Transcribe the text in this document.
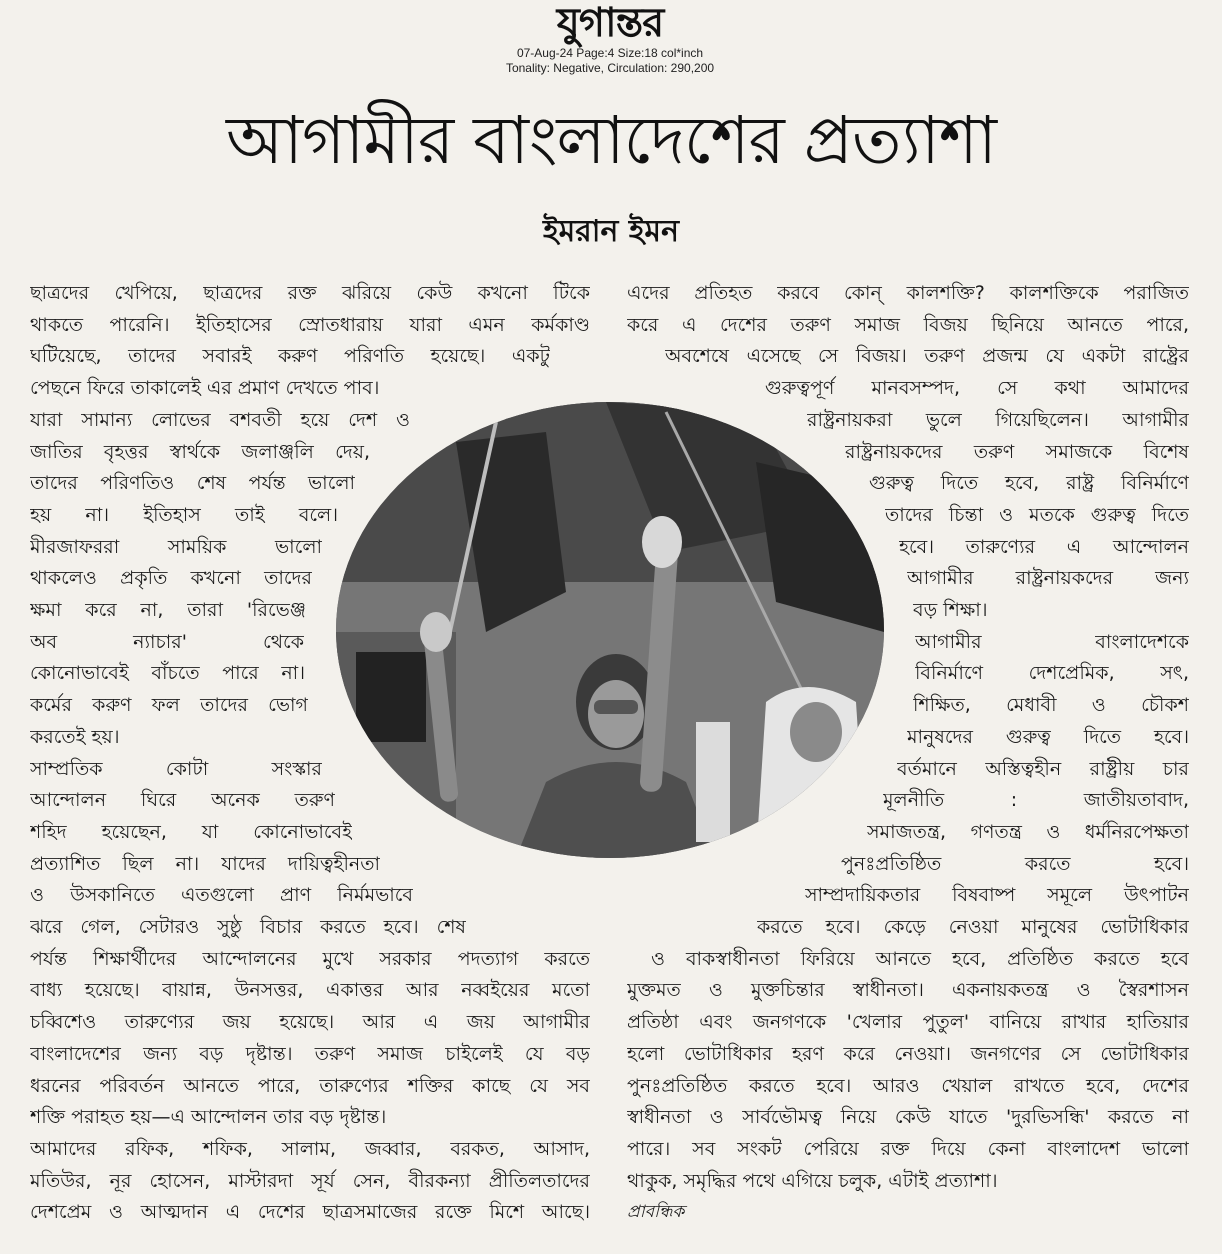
যুগান্তর
07-Aug-24 Page:4 Size:18 col*inch
Tonality: Negative, Circulation: 290,200
আগামীর বাংলাদেশের প্রত্যাশা
ইমরান ইমন
ছাত্রদের খেপিয়ে, ছাত্রদের রক্ত ঝরিয়ে কেউ কখনো টিকে
থাকতে পারেনি। ইতিহাসের স্রোতধারায় যারা এমন কর্মকাণ্ড
ঘটিয়েছে, তাদের সবারই করুণ পরিণতি হয়েছে। একটু
পেছনে ফিরে তাকালেই এর প্রমাণ দেখতে পাব।
যারা সামান্য লোভের বশবতী হয়ে দেশ ও
জাতির বৃহত্তর স্বার্থকে জলাঞ্জলি দেয়,
তাদের পরিণতিও শেষ পর্যন্ত ভালো
হয় না। ইতিহাস তাই বলে।
মীরজাফররা সাময়িক ভালো
থাকলেও প্রকৃতি কখনো তাদের
ক্ষমা করে না, তারা 'রিভেঞ্জ
অব ন্যাচার' থেকে
কোনোভাবেই বাঁচতে পারে না।
কর্মের করুণ ফল তাদের ভোগ
করতেই হয়।
সাম্প্রতিক কোটা সংস্কার
আন্দোলন ঘিরে অনেক তরুণ
শহিদ হয়েছেন, যা কোনোভাবেই
প্রত্যাশিত ছিল না। যাদের দায়িত্বহীনতা
ও উসকানিতে এতগুলো প্রাণ নির্মমভাবে
ঝরে গেল, সেটারও সুষ্ঠু বিচার করতে হবে। শেষ
পর্যন্ত শিক্ষার্থীদের আন্দোলনের মুখে সরকার পদত্যাগ করতে
বাধ্য হয়েছে। বায়ান্ন, উনসত্তর, একাত্তর আর নব্বইয়ের মতো
চব্বিশেও তারুণ্যের জয় হয়েছে। আর এ জয় আগামীর
বাংলাদেশের জন্য বড় দৃষ্টান্ত। তরুণ সমাজ চাইলেই যে বড়
ধরনের পরিবর্তন আনতে পারে, তারুণ্যের শক্তির কাছে যে সব
শক্তি পরাহত হয়—এ আন্দোলন তার বড় দৃষ্টান্ত।
আমাদের রফিক, শফিক, সালাম, জব্বার, বরকত, আসাদ,
মতিউর, নূর হোসেন, মাস্টারদা সূর্য সেন, বীরকন্যা প্রীতিলতাদের
দেশপ্রেম ও আত্মদান এ দেশের ছাত্রসমাজের রক্তে মিশে আছে।
এদের প্রতিহত করবে কোন্ কালশক্তি? কালশক্তিকে পরাজিত
করে এ দেশের তরুণ সমাজ বিজয় ছিনিয়ে আনতে পারে,
অবশেষে এসেছে সে বিজয়। তরুণ প্রজন্ম যে একটা রাষ্ট্রের
গুরুত্বপূর্ণ মানবসম্পদ, সে কথা আমাদের
রাষ্ট্রনায়করা ভুলে গিয়েছিলেন। আগামীর
রাষ্ট্রনায়কদের তরুণ সমাজকে বিশেষ
গুরুত্ব দিতে হবে, রাষ্ট্র বিনির্মাণে
তাদের চিন্তা ও মতকে গুরুত্ব দিতে
হবে। তারুণ্যের এ আন্দোলন
আগামীর রাষ্ট্রনায়কদের জন্য
বড় শিক্ষা।
আগামীর বাংলাদেশকে
বিনির্মাণে দেশপ্রেমিক, সৎ,
শিক্ষিত, মেধাবী ও চৌকশ
মানুষদের গুরুত্ব দিতে হবে।
বর্তমানে অস্তিত্বহীন রাষ্ট্রীয় চার
মূলনীতি : জাতীয়তাবাদ,
সমাজতন্ত্র, গণতন্ত্র ও ধর্মনিরপেক্ষতা
পুনঃপ্রতিষ্ঠিত করতে হবে।
সাম্প্রদায়িকতার বিষবাষ্প সমূলে উৎপাটন
করতে হবে। কেড়ে নেওয়া মানুষের ভোটাধিকার
ও বাকস্বাধীনতা ফিরিয়ে আনতে হবে, প্রতিষ্ঠিত করতে হবে
মুক্তমত ও মুক্তচিন্তার স্বাধীনতা। একনায়কতন্ত্র ও স্বৈরশাসন
প্রতিষ্ঠা এবং জনগণকে 'খেলার পুতুল' বানিয়ে রাখার হাতিয়ার
হলো ভোটাধিকার হরণ করে নেওয়া। জনগণের সে ভোটাধিকার
পুনঃপ্রতিষ্ঠিত করতে হবে। আরও খেয়াল রাখতে হবে, দেশের
স্বাধীনতা ও সার্বভৌমত্ব নিয়ে কেউ যাতে 'দুরভিসন্ধি' করতে না
পারে। সব সংকট পেরিয়ে রক্ত দিয়ে কেনা বাংলাদেশ ভালো
থাকুক, সমৃদ্ধির পথে এগিয়ে চলুক, এটাই প্রত্যাশা।
প্রাবন্ধিক
